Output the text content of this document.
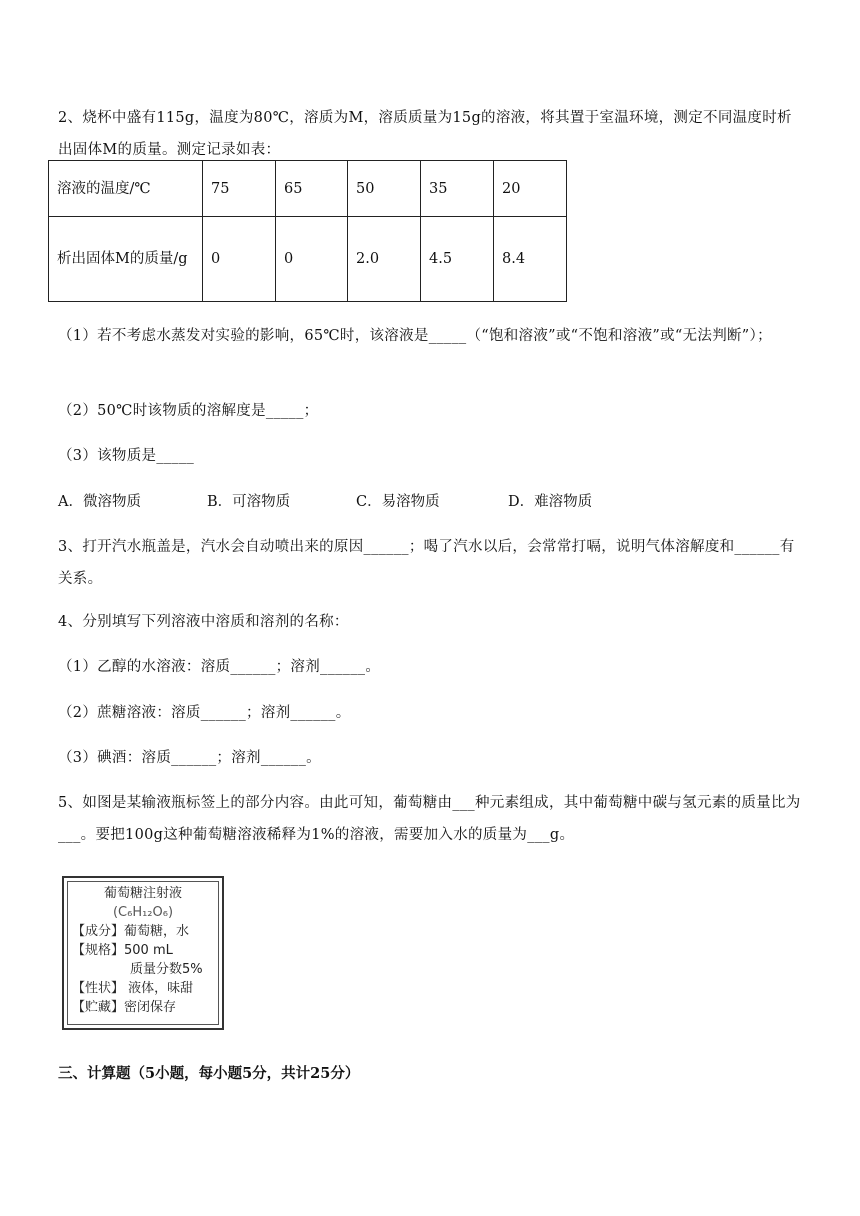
2、烧杯中盛有115g，温度为80℃，溶质为M，溶质质量为15g的溶液，将其置于室温环境，测定不同温度时析出固体M的质量。测定记录如表：

溶液的温度/℃	75	65	50	35	20
析出固体M的质量/g	0	0	2.0	4.5	8.4

（1）若不考虑水蒸发对实验的影响，65℃时，该溶液是_____（“饱和溶液”或“不饱和溶液”或“无法判断”）；

（2）50℃时该物质的溶解度是_____；

（3）该物质是_____

A．微溶物质	B．可溶物质	C．易溶物质	D．难溶物质

3、打开汽水瓶盖是，汽水会自动喷出来的原因______；喝了汽水以后，会常常打嗝，说明气体溶解度和______有关系。

4、分别填写下列溶液中溶质和溶剂的名称：

（1）乙醇的水溶液：溶质______；溶剂______。

（2）蔗糖溶液：溶质______；溶剂______。

（3）碘酒：溶质______；溶剂______。

5、如图是某输液瓶标签上的部分内容。由此可知，葡萄糖由___种元素组成，其中葡萄糖中碳与氢元素的质量比为___。要把100g这种葡萄糖溶液稀释为1%的溶液，需要加入水的质量为___g。

葡萄糖注射液
(C₆H₁₂O₆)
【成分】葡萄糖，水
【规格】500 mL
质量分数5%
【性状】 液体，味甜
【贮藏】密闭保存
三、计算题（5小题，每小题5分，共计25分）
